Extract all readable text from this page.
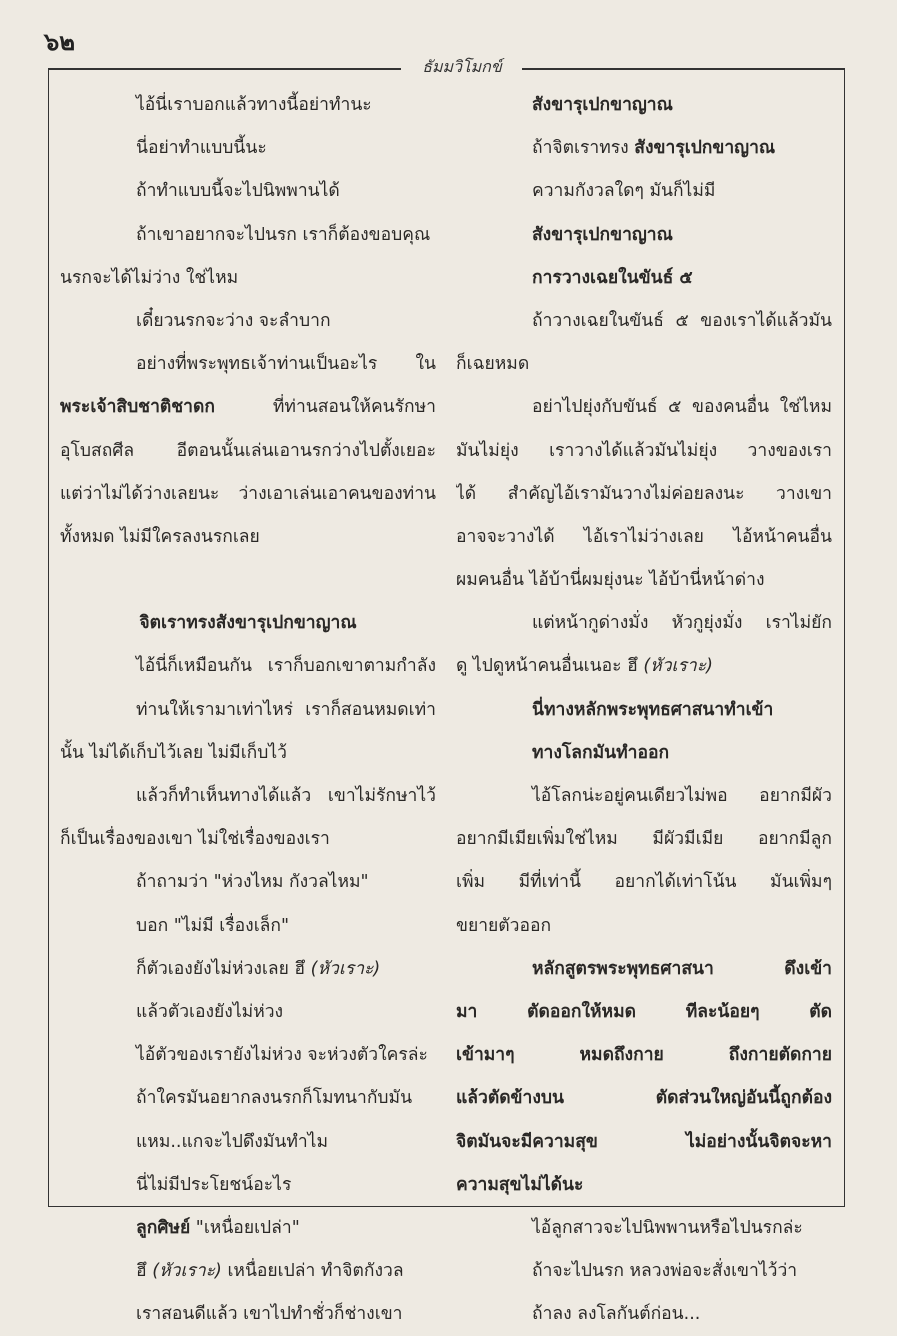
๖๒
ธัมมวิโมกข์
ไอ้นี่เราบอกแล้วทางนี้อย่าทำนะ
นี่อย่าทำแบบนี้นะ
ถ้าทำแบบนี้จะไปนิพพานได้
ถ้าเขาอยากจะไปนรก เราก็ต้องขอบคุณ
นรกจะได้ไม่ว่าง ใช่ไหม
เดี๋ยวนรกจะว่าง จะลำบาก
อย่างที่พระพุทธเจ้าท่านเป็นอะไร ใน
พระเจ้าสิบชาติชาดก ที่ท่านสอนให้คนรักษา
อุโบสถศีล อีตอนนั้นเล่นเอานรกว่างไปตั้งเยอะ
แต่ว่าไม่ได้ว่างเลยนะ ว่างเอาเล่นเอาคนของท่าน
ทั้งหมด ไม่มีใครลงนรกเลย

จิตเราทรงสังขารุเปกขาญาณ
ไอ้นี่ก็เหมือนกัน เราก็บอกเขาตามกำลัง
ท่านให้เรามาเท่าไหร่ เราก็สอนหมดเท่า
นั้น ไม่ได้เก็บไว้เลย ไม่มีเก็บไว้
แล้วก็ทำเห็นทางได้แล้ว เขาไม่รักษาไว้
ก็เป็นเรื่องของเขา ไม่ใช่เรื่องของเรา
ถ้าถามว่า "ห่วงไหม กังวลไหม"
บอก "ไม่มี เรื่องเล็ก"
ก็ตัวเองยังไม่ห่วงเลย ฮึ (หัวเราะ)
แล้วตัวเองยังไม่ห่วง
ไอ้ตัวของเรายังไม่ห่วง จะห่วงตัวใครล่ะ
ถ้าใครมันอยากลงนรกก็โมทนากับมัน
แหม..แกจะไปดึงมันทำไม
นี่ไม่มีประโยชน์อะไร
ลูกศิษย์ "เหนื่อยเปล่า"
ฮึ (หัวเราะ) เหนื่อยเปล่า ทำจิตกังวล
เราสอนดีแล้ว เขาไปทำชั่วก็ช่างเขา
สังขารุเปกขาญาณ
ถ้าจิตเราทรง สังขารุเปกขาญาณ
ความกังวลใดๆ มันก็ไม่มี
สังขารุเปกขาญาณ
การวางเฉยในขันธ์ ๕
ถ้าวางเฉยในขันธ์ ๕ ของเราได้แล้วมัน
ก็เฉยหมด
อย่าไปยุ่งกับขันธ์ ๕ ของคนอื่น ใช่ไหม
มันไม่ยุ่ง เราวางได้แล้วมันไม่ยุ่ง วางของเรา
ได้ สำคัญไอ้เรามันวางไม่ค่อยลงนะ วางเขา
อาจจะวางได้ ไอ้เราไม่ว่างเลย ไอ้หน้าคนอื่น
ผมคนอื่น ไอ้บ้านี่ผมยุ่งนะ ไอ้บ้านี่หน้าด่าง
แต่หน้ากูด่างมั่ง หัวกูยุ่งมั่ง เราไม่ยัก
ดู ไปดูหน้าคนอื่นเนอะ ฮึ (หัวเราะ)
นี่ทางหลักพระพุทธศาสนาทำเข้า
ทางโลกมันทำออก
ไอ้โลกน่ะอยู่คนเดียวไม่พอ อยากมีผัว
อยากมีเมียเพิ่มใช่ไหม มีผัวมีเมีย อยากมีลูก
เพิ่ม มีที่เท่านี้ อยากได้เท่าโน้น มันเพิ่มๆ
ขยายตัวออก
หลักสูตรพระพุทธศาสนา ดึงเข้า
มา ตัดออกให้หมด ทีละน้อยๆ ตัด
เข้ามาๆ หมดถึงกาย ถึงกายตัดกาย
แล้วตัดข้างบน ตัดส่วนใหญ่อันนี้ถูกต้อง
จิตมันจะมีความสุข ไม่อย่างนั้นจิตจะหา
ความสุขไม่ได้นะ
ไอ้ลูกสาวจะไปนิพพานหรือไปนรกล่ะ
ถ้าจะไปนรก หลวงพ่อจะสั่งเขาไว้ว่า
ถ้าลง ลงโลกันต์ก่อน...
